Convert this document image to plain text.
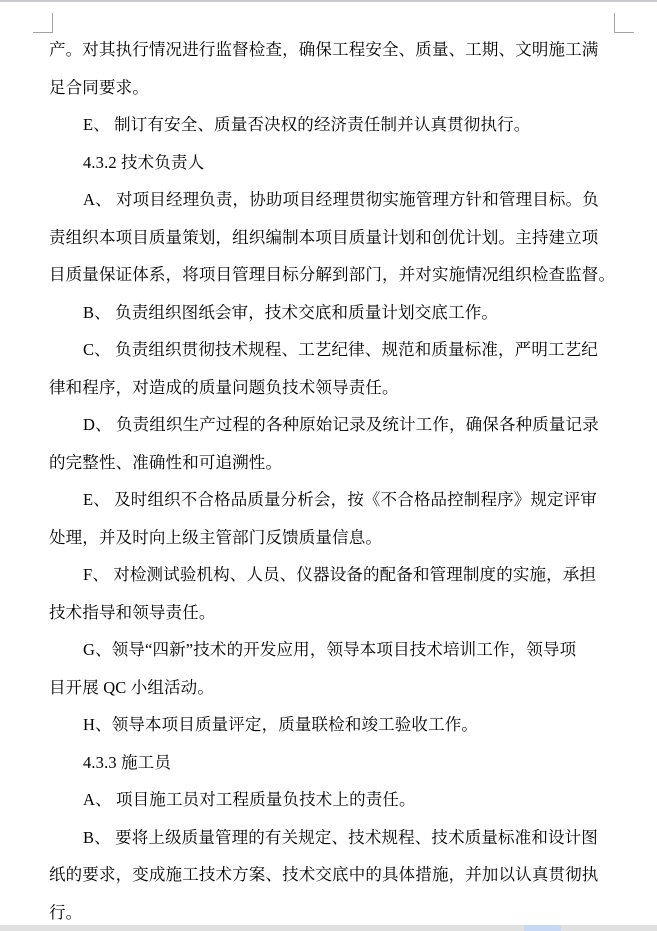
产。对其执行情况进行监督检查，确保工程安全、质量、工期、文明施工满
足合同要求。
E、 制订有安全、质量否决权的经济责任制并认真贯彻执行。
4.3.2 技术负责人
A、 对项目经理负责，协助项目经理贯彻实施管理方针和管理目标。负
责组织本项目质量策划，组织编制本项目质量计划和创优计划。主持建立项
目质量保证体系，将项目管理目标分解到部门，并对实施情况组织检查监督。
B、 负责组织图纸会审，技术交底和质量计划交底工作。
C、 负责组织贯彻技术规程、工艺纪律、规范和质量标准，严明工艺纪
律和程序，对造成的质量问题负技术领导责任。
D、 负责组织生产过程的各种原始记录及统计工作，确保各种质量记录
的完整性、准确性和可追溯性。
E、 及时组织不合格品质量分析会，按《不合格品控制程序》规定评审
处理，并及时向上级主管部门反馈质量信息。
F、 对检测试验机构、人员、仪器设备的配备和管理制度的实施，承担
技术指导和领导责任。
G、领导“四新”技术的开发应用，领导本项目技术培训工作，领导项
目开展 QC 小组活动。
H、领导本项目质量评定，质量联检和竣工验收工作。
4.3.3 施工员
A、 项目施工员对工程质量负技术上的责任。
B、 要将上级质量管理的有关规定、技术规程、技术质量标准和设计图
纸的要求，变成施工技术方案、技术交底中的具体措施，并加以认真贯彻执
行。
